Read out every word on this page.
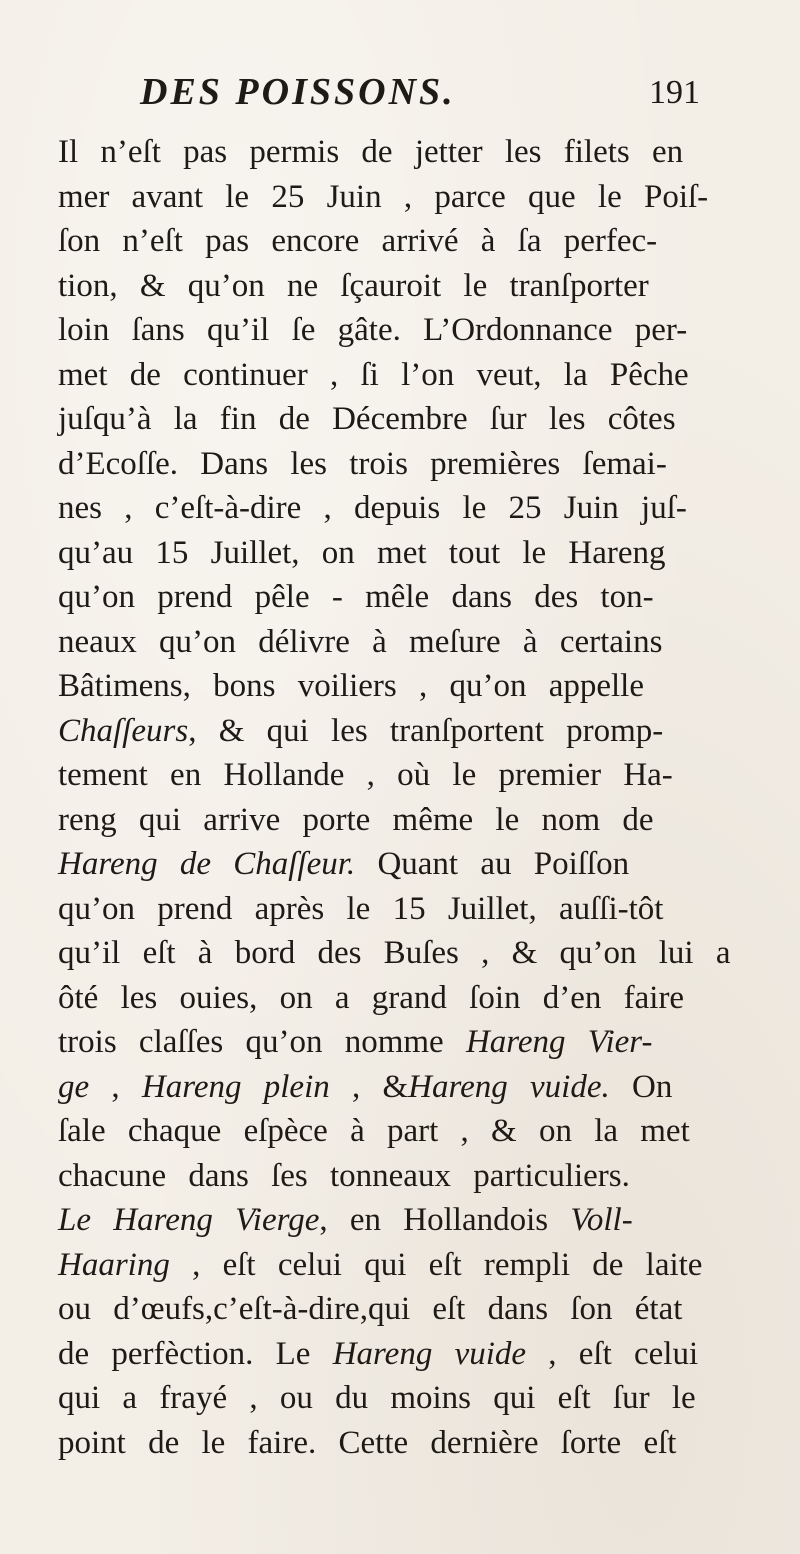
DES POISSONS.	191
Il n’eſt pas permis de jetter les filets en
mer avant le 25 Juin , parce que le Poiſ-
ſon n’eſt pas encore arrivé à ſa perfec-
tion, & qu’on ne ſçauroit le tranſporter
loin ſans qu’il ſe gâte. L’Ordonnance per-
met de continuer , ſi l’on veut, la Pêche
juſqu’à la fin de Décembre ſur les côtes
d’Ecoſſe. Dans les trois premières ſemai-
nes , c’eſt-à-dire , depuis le 25 Juin juſ-
qu’au 15 Juillet, on met tout le Hareng
qu’on prend pêle - mêle dans des ton-
neaux qu’on délivre à meſure à certains
Bâtimens, bons voiliers , qu’on appelle
Chaſſeurs, & qui les tranſportent promp-
tement en Hollande , où le premier Ha-
reng qui arrive porte même le nom de
Hareng de Chaſſeur. Quant au Poiſſon
qu’on prend après le 15 Juillet, auſſi-tôt
qu’il eſt à bord des Buſes , & qu’on lui a
ôté les ouies, on a grand ſoin d’en faire
trois claſſes qu’on nomme Hareng Vier-
ge , Hareng plein , &Hareng vuide. On
ſale chaque eſpèce à part , & on la met
chacune dans ſes tonneaux particuliers.
Le Hareng Vierge, en Hollandois Voll-
Haaring , eſt celui qui eſt rempli de laite
ou d’œufs,c’eſt-à-dire,qui eſt dans ſon état
de perfèction. Le Hareng vuide , eſt celui
qui a frayé , ou du moins qui eſt ſur le
point de le faire. Cette dernière ſorte eſt
